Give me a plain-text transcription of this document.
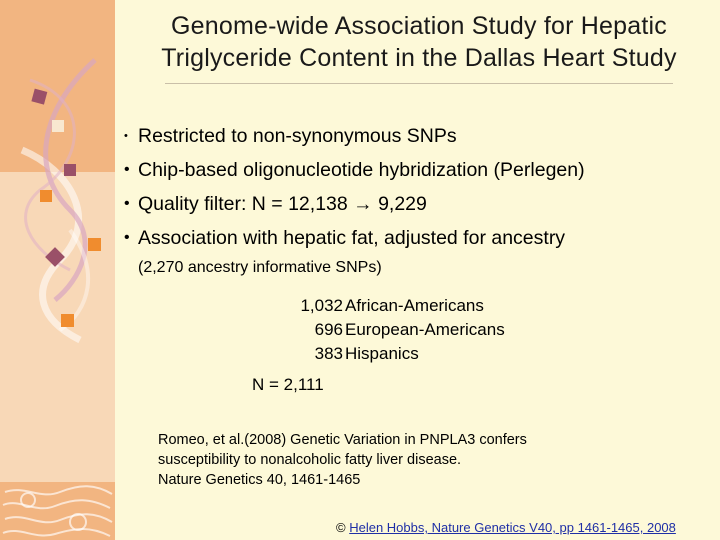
Genome-wide Association Study for Hepatic
Triglyceride Content in the Dallas Heart Study
• Restricted to non-synonymous SNPs
• Chip-based oligonucleotide hybridization (Perlegen)
• Quality filter: N = 12,138 → 9,229
• Association with hepatic fat, adjusted for ancestry
(2,270 ancestry informative SNPs)
1,032 African-Americans
696 European-Americans
383 Hispanics
N = 2,111
Romeo, et al.(2008) Genetic Variation in PNPLA3 confers
susceptibility to nonalcoholic fatty liver disease.
Nature Genetics 40, 1461-1465
© Helen Hobbs, Nature Genetics V40, pp 1461-1465, 2008
